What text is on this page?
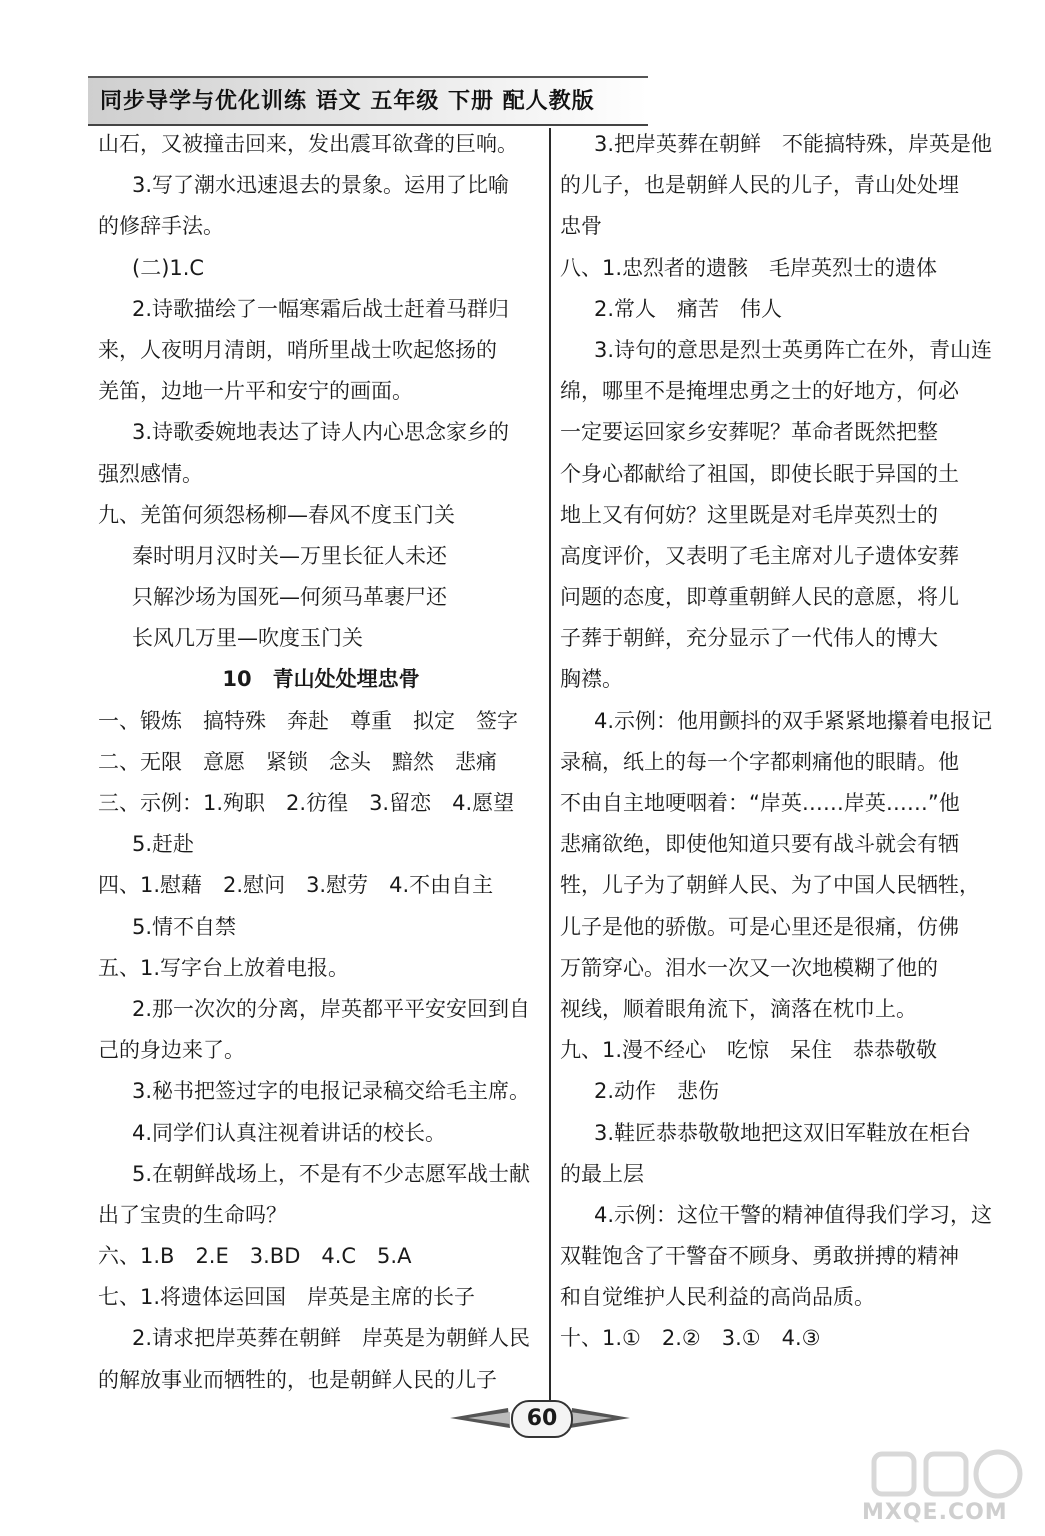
同步导学与优化训练 语文 五年级 下册 配人教版
山石，又被撞击回来，发出震耳欲聋的巨响。
3.写了潮水迅速退去的景象。运用了比喻
的修辞手法。
(二)1.C
2.诗歌描绘了一幅寒霜后战士赶着马群归
来，人夜明月清朗，哨所里战士吹起悠扬的
羌笛，边地一片平和安宁的画面。
3.诗歌委婉地表达了诗人内心思念家乡的
强烈感情。
九、羌笛何须怨杨柳—春风不度玉门关
秦时明月汉时关—万里长征人未还
只解沙场为国死—何须马革裹尸还
长风几万里—吹度玉门关
10　青山处处埋忠骨
一、锻炼　搞特殊　奔赴　尊重　拟定　签字
二、无限　意愿　紧锁　念头　黯然　悲痛
三、示例：1.殉职　2.彷徨　3.留恋　4.愿望
5.赶赴
四、1.慰藉　2.慰问　3.慰劳　4.不由自主
5.情不自禁
五、1.写字台上放着电报。
2.那一次次的分离，岸英都平平安安回到自
己的身边来了。
3.秘书把签过字的电报记录稿交给毛主席。
4.同学们认真注视着讲话的校长。
5.在朝鲜战场上，不是有不少志愿军战士献
出了宝贵的生命吗？
六、1.B　2.E　3.BD　4.C　5.A
七、1.将遗体运回国　岸英是主席的长子
2.请求把岸英葬在朝鲜　岸英是为朝鲜人民
的解放事业而牺牲的，也是朝鲜人民的儿子
3.把岸英葬在朝鲜　不能搞特殊，岸英是他
的儿子，也是朝鲜人民的儿子，青山处处埋
忠骨
八、1.忠烈者的遗骸　毛岸英烈士的遗体
2.常人　痛苦　伟人
3.诗句的意思是烈士英勇阵亡在外，青山连
绵，哪里不是掩埋忠勇之士的好地方，何必
一定要运回家乡安葬呢？革命者既然把整
个身心都献给了祖国，即使长眠于异国的土
地上又有何妨？这里既是对毛岸英烈士的
高度评价，又表明了毛主席对儿子遗体安葬
问题的态度，即尊重朝鲜人民的意愿，将儿
子葬于朝鲜，充分显示了一代伟人的博大
胸襟。
4.示例：他用颤抖的双手紧紧地攥着电报记
录稿，纸上的每一个字都刺痛他的眼睛。他
不由自主地哽咽着：“岸英……岸英……”他
悲痛欲绝，即使他知道只要有战斗就会有牺
牲，儿子为了朝鲜人民、为了中国人民牺牲，
儿子是他的骄傲。可是心里还是很痛，仿佛
万箭穿心。泪水一次又一次地模糊了他的
视线，顺着眼角流下，滴落在枕巾上。
九、1.漫不经心　吃惊　呆住　恭恭敬敬
2.动作　悲伤
3.鞋匠恭恭敬敬地把这双旧军鞋放在柜台
的最上层
4.示例：这位干警的精神值得我们学习，这
双鞋饱含了干警奋不顾身、勇敢拼搏的精神
和自觉维护人民利益的高尚品质。
十、1.①　2.②　3.①　4.③
60
MXQE.COM
